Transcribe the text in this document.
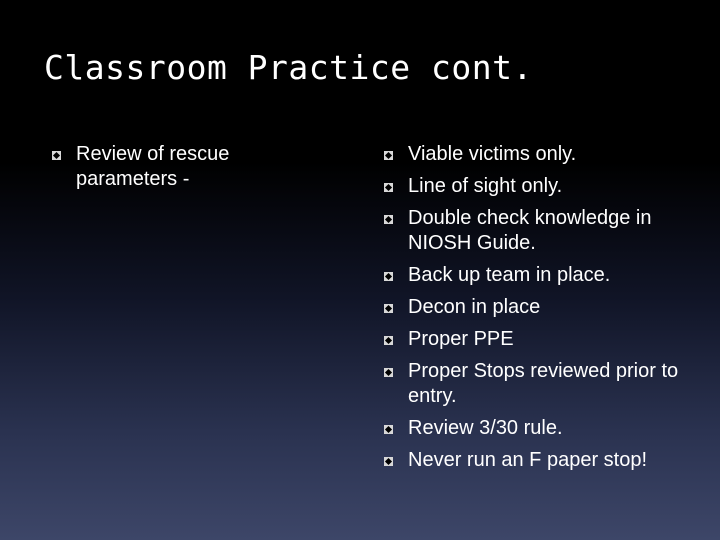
Classroom Practice cont.
Review of rescue parameters -
Viable victims only.
Line of sight only.
Double check knowledge in NIOSH Guide.
Back up team in place.
Decon in place
Proper PPE
Proper Stops reviewed prior to entry.
Review 3/30 rule.
Never run an F paper stop!
